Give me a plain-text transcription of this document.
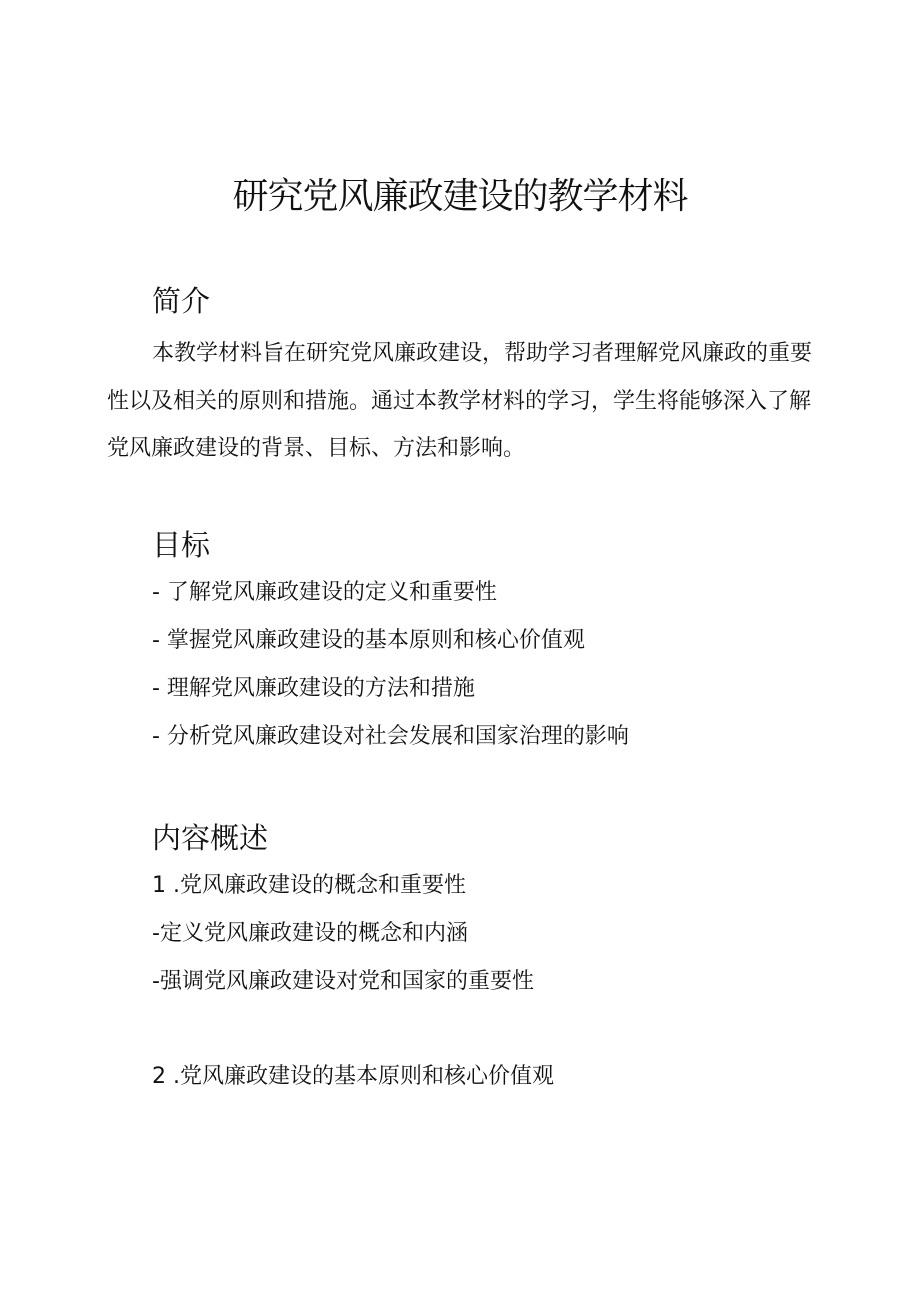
研究党风廉政建设的教学材料
简介

本教学材料旨在研究党风廉政建设，帮助学习者理解党风廉政的重要性以及相关的原则和措施。通过本教学材料的学习，学生将能够深入了解党风廉政建设的背景、目标、方法和影响。

目标

- 了解党风廉政建设的定义和重要性

- 掌握党风廉政建设的基本原则和核心价值观

- 理解党风廉政建设的方法和措施

- 分析党风廉政建设对社会发展和国家治理的影响

内容概述

1 .党风廉政建设的概念和重要性

-定义党风廉政建设的概念和内涵

-强调党风廉政建设对党和国家的重要性

2 .党风廉政建设的基本原则和核心价值观
